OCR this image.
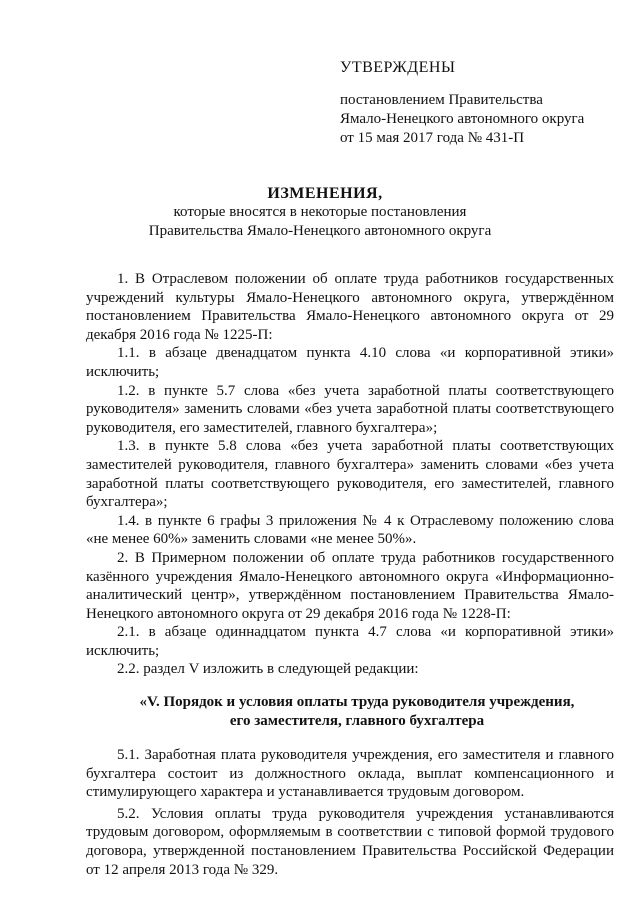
УТВЕРЖДЕНЫ
постановлением Правительства
Ямало-Ненецкого автономного округа
от 15 мая 2017 года № 431-П
ИЗМЕНЕНИЯ,
которые вносятся в некоторые постановления
Правительства Ямало-Ненецкого автономного округа

1. В Отраслевом положении об оплате труда работников государственных учреждений культуры Ямало-Ненецкого автономного округа, утверждённом постановлением Правительства Ямало-Ненецкого автономного округа от 29 декабря 2016 года № 1225-П:

1.1. в абзаце двенадцатом пункта 4.10 слова «и корпоративной этики» исключить;

1.2. в пункте 5.7 слова «без учета заработной платы соответствующего руководителя» заменить словами «без учета заработной платы соответствующего руководителя, его заместителей, главного бухгалтера»;

1.3. в пункте 5.8 слова «без учета заработной платы соответствующих заместителей руководителя, главного бухгалтера» заменить словами «без учета заработной платы соответствующего руководителя, его заместителей, главного бухгалтера»;

1.4. в пункте 6 графы 3 приложения № 4 к Отраслевому положению слова «не менее 60%» заменить словами «не менее 50%».

2. В Примерном положении об оплате труда работников государственного казённого учреждения Ямало-Ненецкого автономного округа «Информационно-аналитический центр», утверждённом постановлением Правительства Ямало-Ненецкого автономного округа от 29 декабря 2016 года № 1228-П:

2.1. в абзаце одиннадцатом пункта 4.7 слова «и корпоративной этики» исключить;

2.2. раздел V изложить в следующей редакции:

«V. Порядок и условия оплаты труда руководителя учреждения,
его заместителя, главного бухгалтера

5.1. Заработная плата руководителя учреждения, его заместителя и главного бухгалтера состоит из должностного оклада, выплат компенсационного и стимулирующего характера и устанавливается трудовым договором.

5.2. Условия оплаты труда руководителя учреждения устанавливаются трудовым договором, оформляемым в соответствии с типовой формой трудового договора, утвержденной постановлением Правительства Российской Федерации от 12 апреля 2013 года № 329.
